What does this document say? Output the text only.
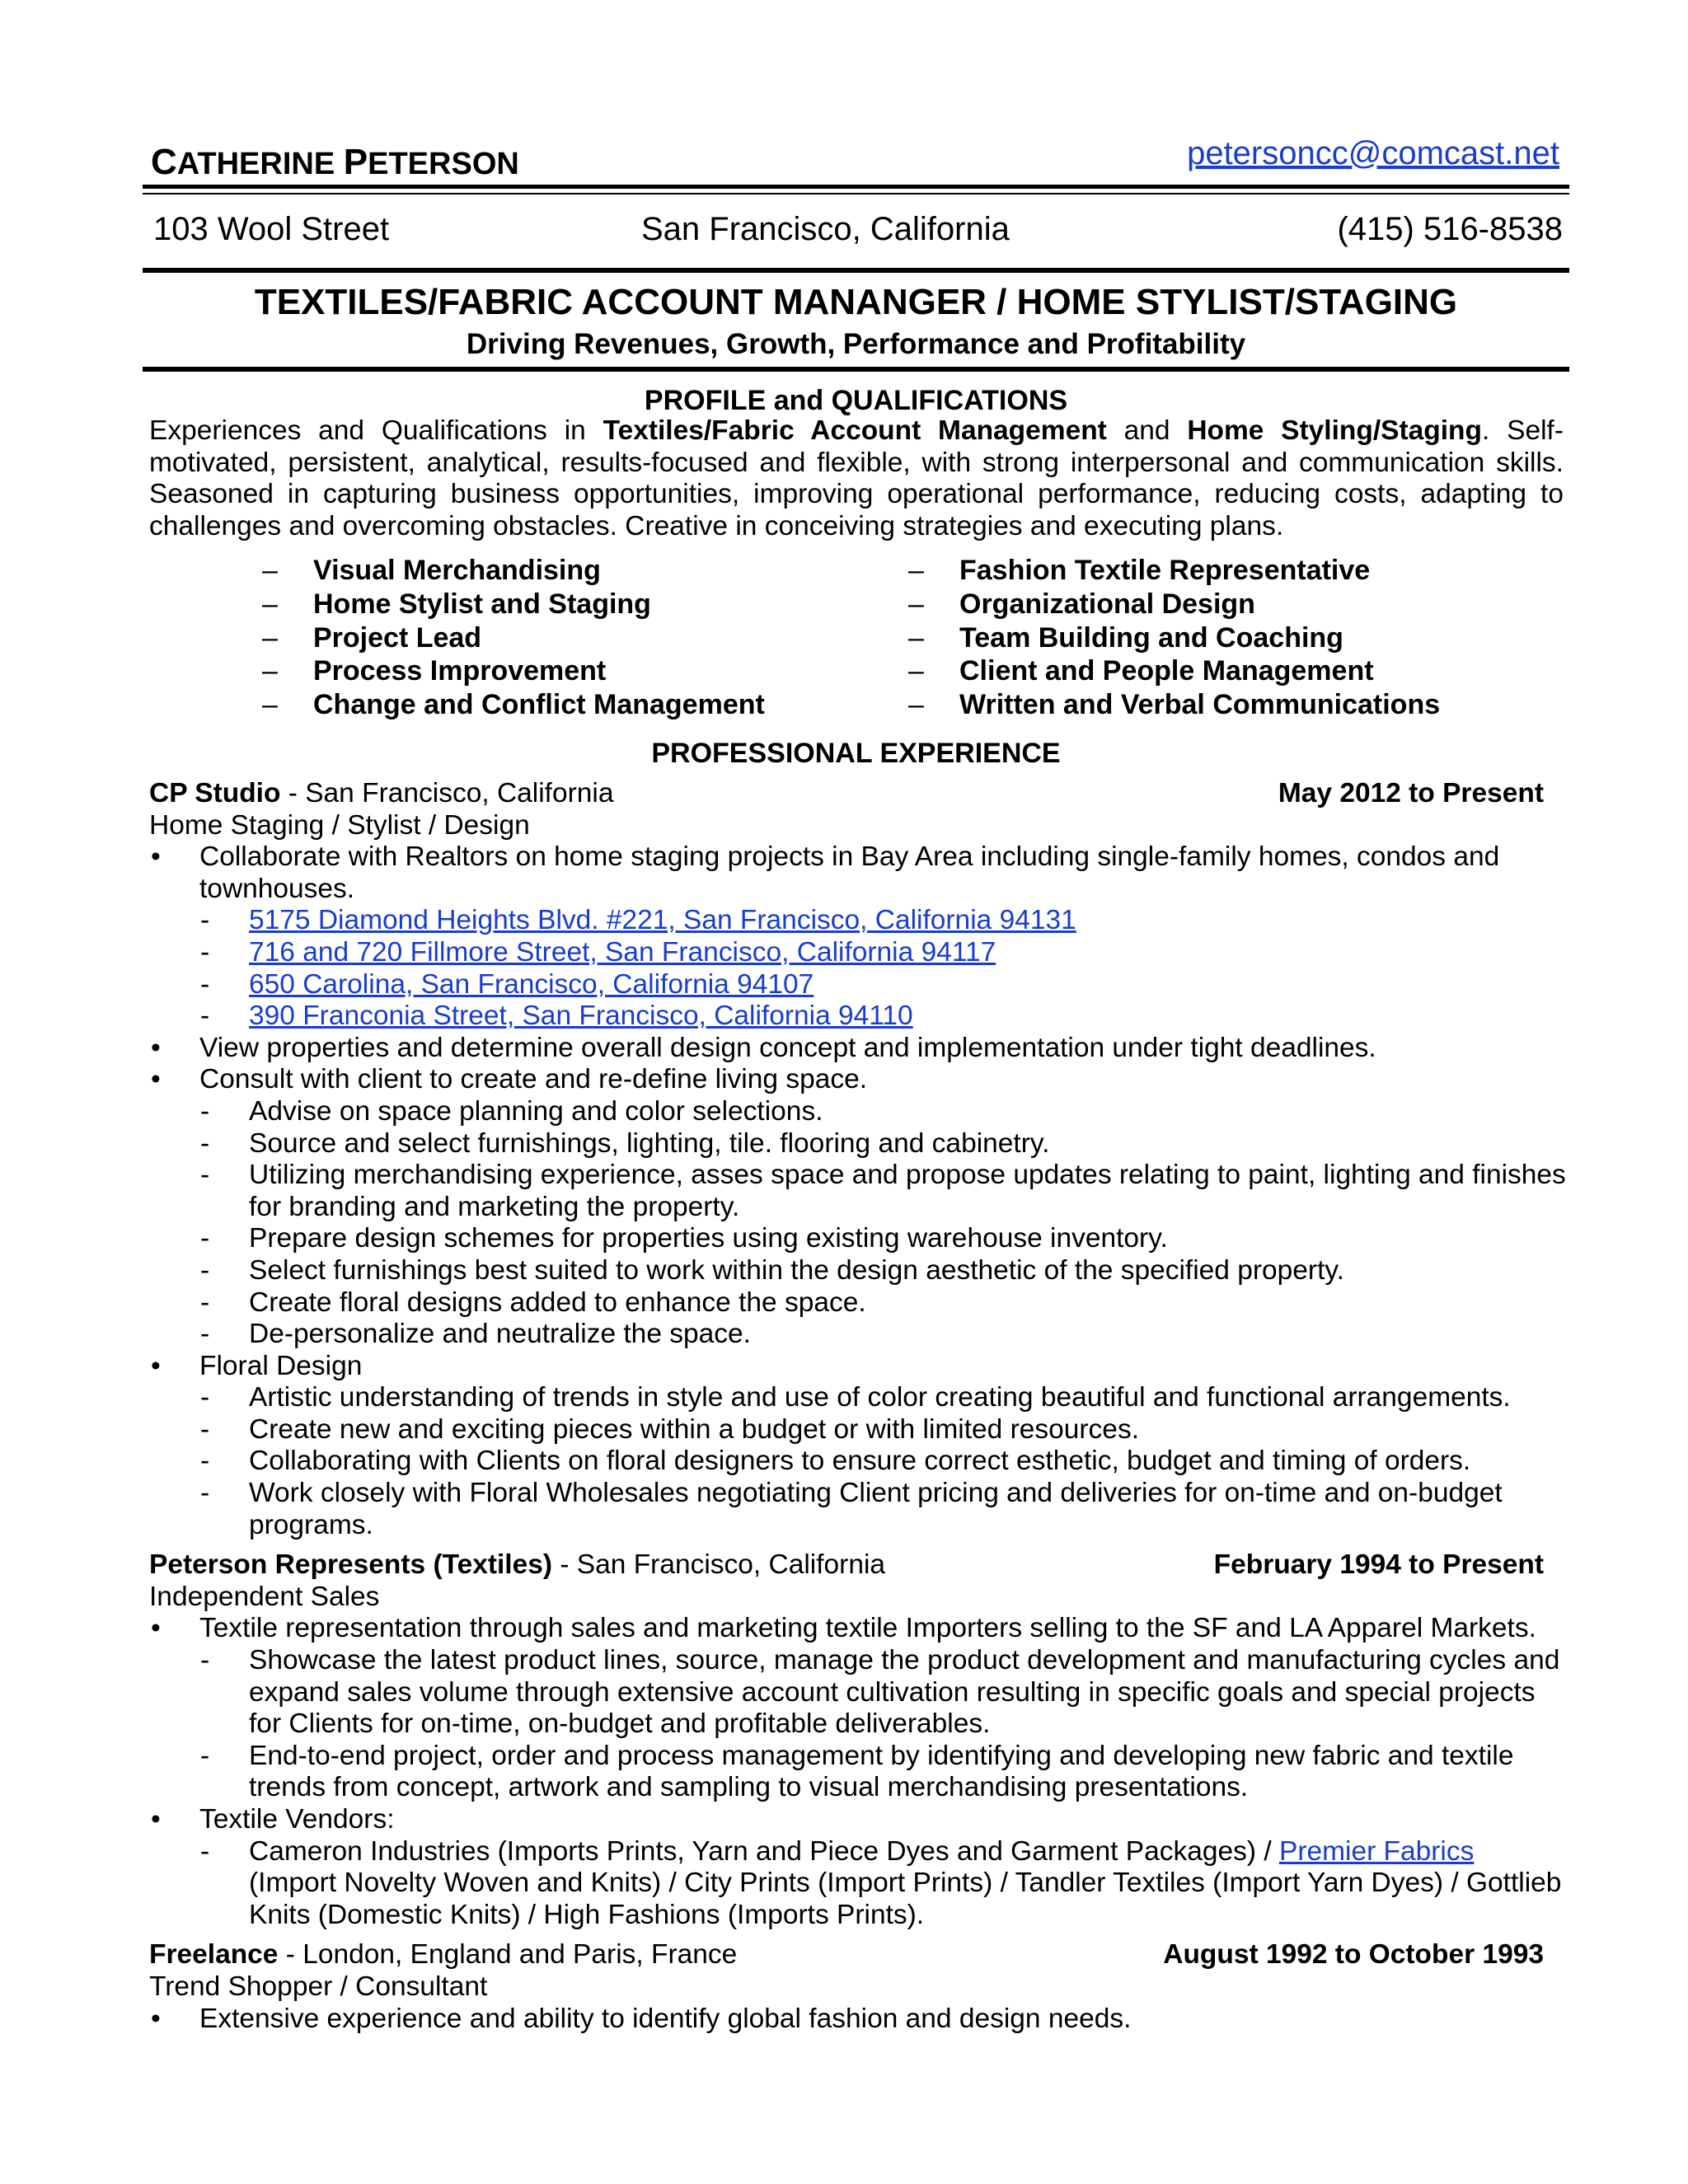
CATHERINE PETERSON	petersoncc@comcast.net
103 Wool Street	San Francisco, California	(415) 516-8538
TEXTILES/FABRIC ACCOUNT MANANGER / HOME STYLIST/STAGING
Driving Revenues, Growth, Performance and Profitability
PROFILE and QUALIFICATIONS
Experiences and Qualifications in Textiles/Fabric Account Management and Home Styling/Staging. Self-motivated, persistent, analytical, results-focused and flexible, with strong interpersonal and communication skills. Seasoned in capturing business opportunities, improving operational performance, reducing costs, adapting to challenges and overcoming obstacles. Creative in conceiving strategies and executing plans.
– Visual Merchandising
– Home Stylist and Staging
– Project Lead
– Process Improvement
– Change and Conflict Management
– Fashion Textile Representative
– Organizational Design
– Team Building and Coaching
– Client and People Management
– Written and Verbal Communications
PROFESSIONAL EXPERIENCE
CP Studio - San Francisco, California	May 2012 to Present
Home Staging / Stylist / Design
• Collaborate with Realtors on home staging projects in Bay Area including single-family homes, condos and townhouses.
- 5175 Diamond Heights Blvd. #221, San Francisco, California 94131
- 716 and 720 Fillmore Street, San Francisco, California 94117
- 650 Carolina, San Francisco, California 94107
- 390 Franconia Street, San Francisco, California 94110
• View properties and determine overall design concept and implementation under tight deadlines.
• Consult with client to create and re-define living space.
- Advise on space planning and color selections.
- Source and select furnishings, lighting, tile. flooring and cabinetry.
- Utilizing merchandising experience, asses space and propose updates relating to paint, lighting and finishes for branding and marketing the property.
- Prepare design schemes for properties using existing warehouse inventory.
- Select furnishings best suited to work within the design aesthetic of the specified property.
- Create floral designs added to enhance the space.
- De-personalize and neutralize the space.
• Floral Design
- Artistic understanding of trends in style and use of color creating beautiful and functional arrangements.
- Create new and exciting pieces within a budget or with limited resources.
- Collaborating with Clients on floral designers to ensure correct esthetic, budget and timing of orders.
- Work closely with Floral Wholesales negotiating Client pricing and deliveries for on-time and on-budget programs.
Peterson Represents (Textiles) - San Francisco, California	February 1994 to Present
Independent Sales
• Textile representation through sales and marketing textile Importers selling to the SF and LA Apparel Markets.
- Showcase the latest product lines, source, manage the product development and manufacturing cycles and expand sales volume through extensive account cultivation resulting in specific goals and special projects for Clients for on-time, on-budget and profitable deliverables.
- End-to-end project, order and process management by identifying and developing new fabric and textile trends from concept, artwork and sampling to visual merchandising presentations.
• Textile Vendors:
- Cameron Industries (Imports Prints, Yarn and Piece Dyes and Garment Packages) / Premier Fabrics (Import Novelty Woven and Knits) / City Prints (Import Prints) / Tandler Textiles (Import Yarn Dyes) / Gottlieb Knits (Domestic Knits) / High Fashions (Imports Prints).
Freelance - London, England and Paris, France	August 1992 to October 1993
Trend Shopper / Consultant
• Extensive experience and ability to identify global fashion and design needs.
